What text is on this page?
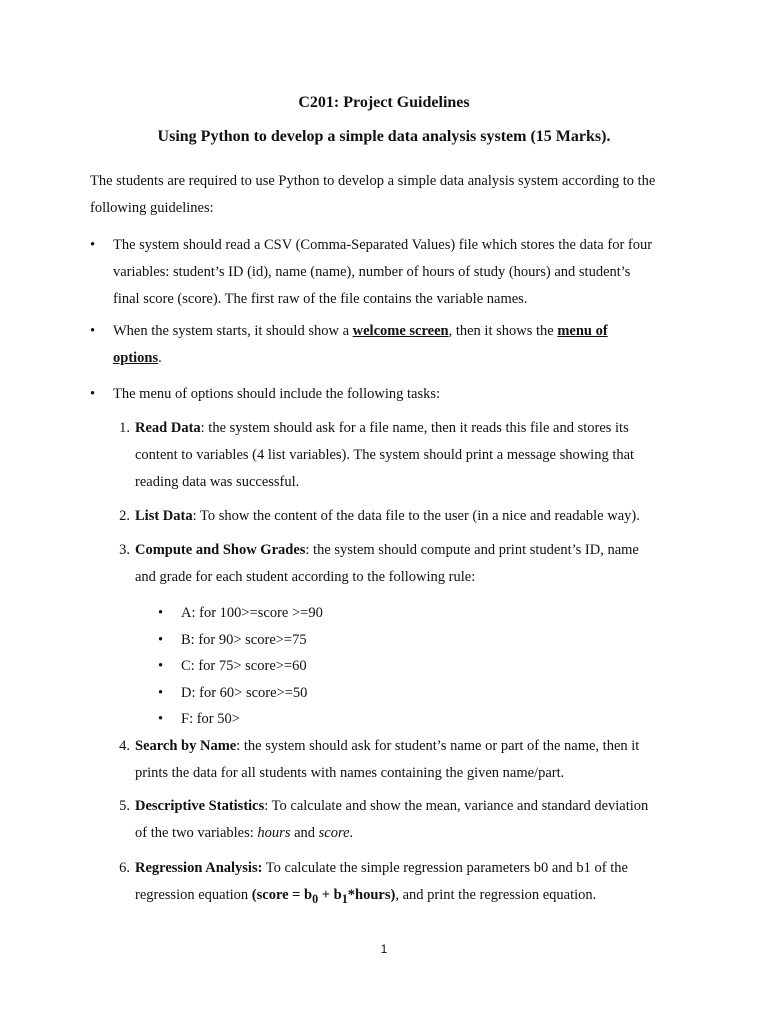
C201: Project Guidelines
Using Python to develop a simple data analysis system (15 Marks).
The students are required to use Python to develop a simple data analysis system according to the
following guidelines:
•	The system should read a CSV (Comma-Separated Values) file which stores the data for four
variables: student’s ID (id), name (name), number of hours of study (hours) and student’s
final score (score). The first raw of the file contains the variable names.
•	When the system starts, it should show a welcome screen, then it shows the menu of
options.
•	The menu of options should include the following tasks:
1. Read Data: the system should ask for a file name, then it reads this file and stores its
content to variables (4 list variables). The system should print a message showing that
reading data was successful.
2. List Data: To show the content of the data file to the user (in a nice and readable way).
3. Compute and Show Grades: the system should compute and print student’s ID, name
and grade for each student according to the following rule:
• A: for 100>=score >=90
• B: for 90> score>=75
• C: for 75> score>=60
• D: for 60> score>=50
• F: for 50>
4. Search by Name: the system should ask for student’s name or part of the name, then it
prints the data for all students with names containing the given name/part.
5. Descriptive Statistics: To calculate and show the mean, variance and standard deviation
of the two variables: hours and score.
6. Regression Analysis: To calculate the simple regression parameters b0 and b1 of the
regression equation (score = $b_0$ + $b_1*hours$), and print the regression equation.
1
